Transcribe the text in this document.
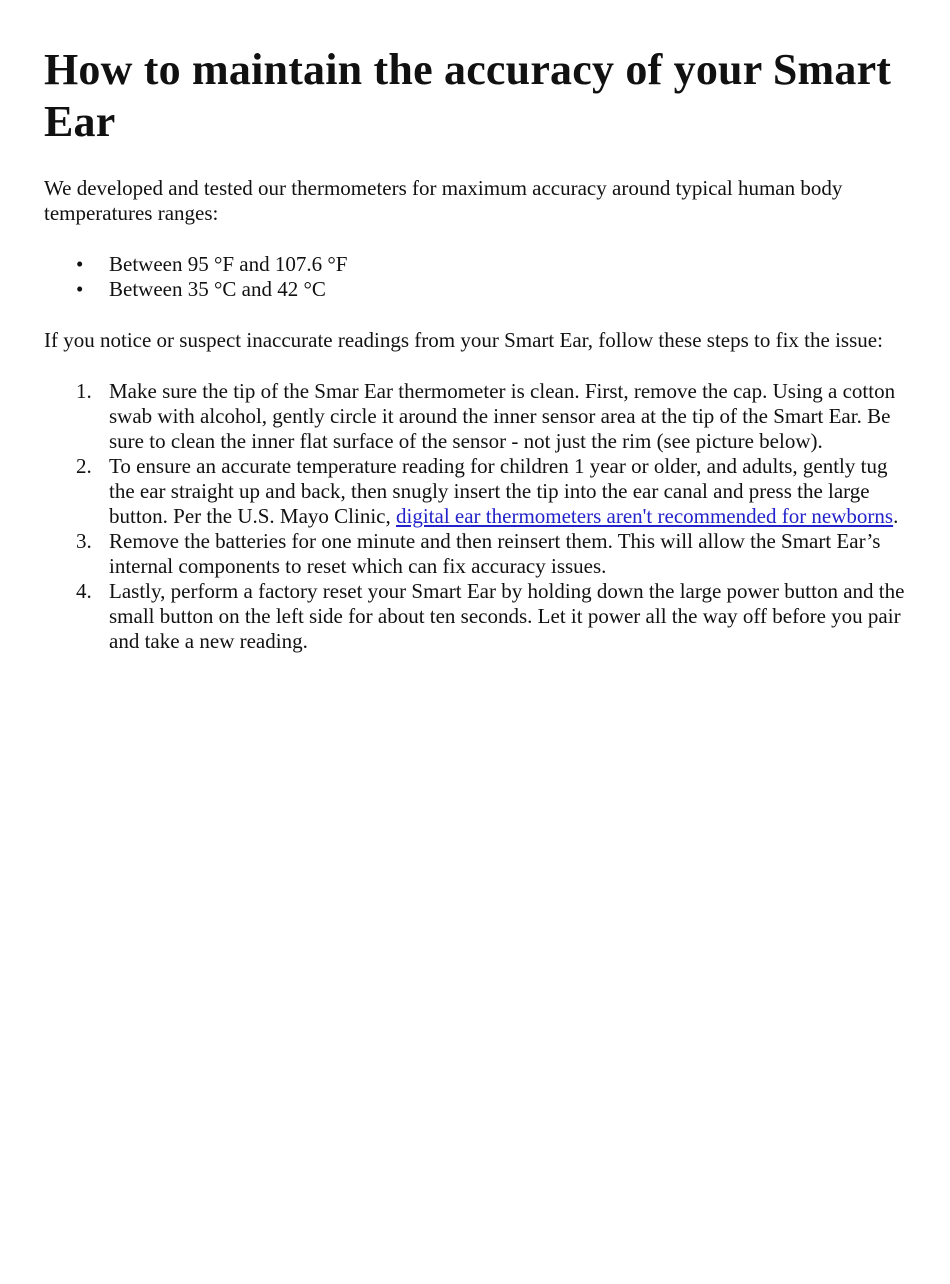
How to maintain the accuracy of your Smart Ear

We developed and tested our thermometers for maximum accuracy around typical human body temperatures ranges:

• Between 95 °F and 107.6 °F
• Between 35 °C and 42 °C

If you notice or suspect inaccurate readings from your Smart Ear, follow these steps to fix the issue:

1. Make sure the tip of the Smar Ear thermometer is clean. First, remove the cap. Using a cotton swab with alcohol, gently circle it around the inner sensor area at the tip of the Smart Ear. Be sure to clean the inner flat surface of the sensor - not just the rim (see picture below).
2. To ensure an accurate temperature reading for children 1 year or older, and adults, gently tug the ear straight up and back, then snugly insert the tip into the ear canal and press the large button. Per the U.S. Mayo Clinic, digital ear thermometers aren't recommended for newborns.
3. Remove the batteries for one minute and then reinsert them. This will allow the Smart Ear’s internal components to reset which can fix accuracy issues.
4. Lastly, perform a factory reset your Smart Ear by holding down the large power button and the small button on the left side for about ten seconds. Let it power all the way off before you pair and take a new reading.
